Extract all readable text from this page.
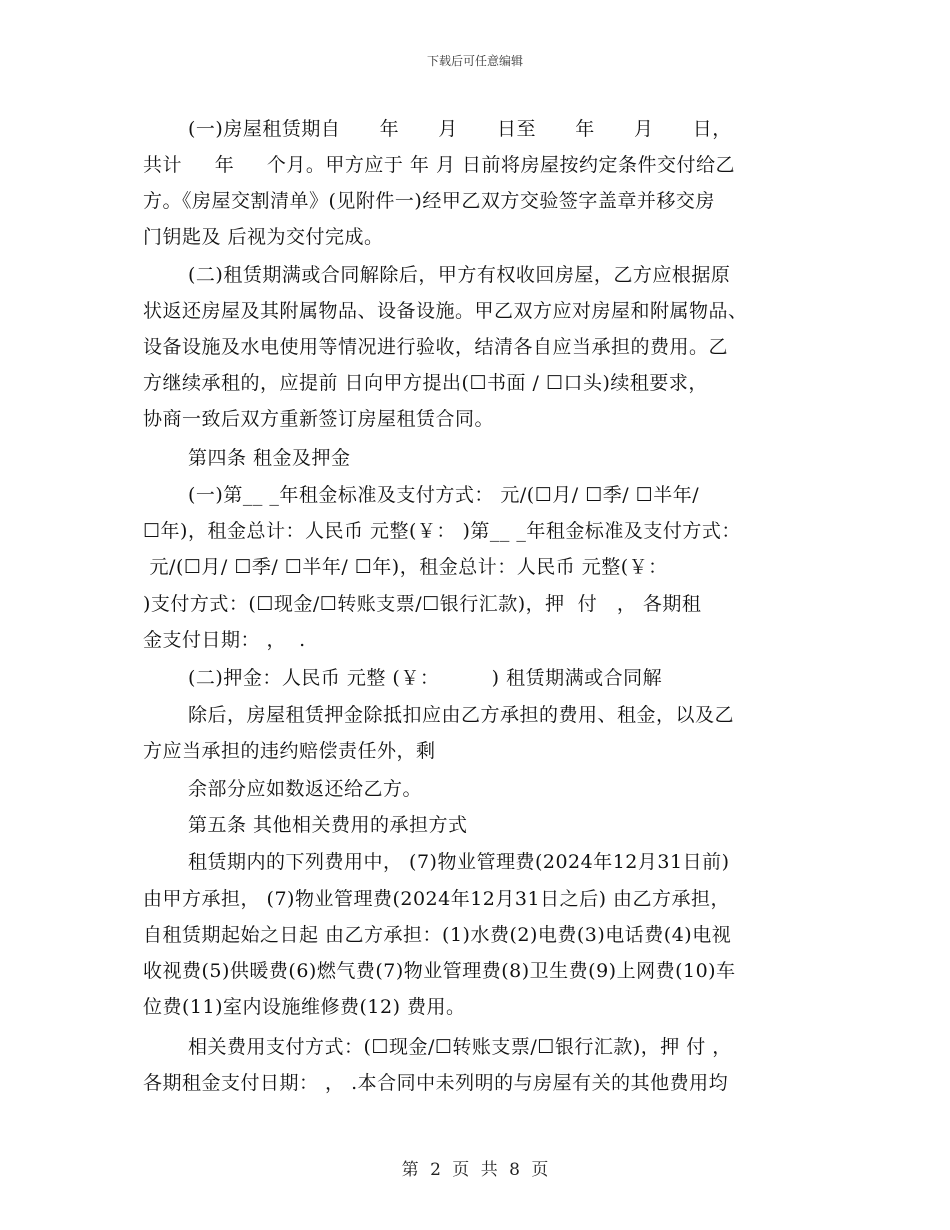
下载后可任意编辑
(一)房屋租赁期自      年      月      日至      年      月      日，
共计     年     个月。甲方应于 年 月 日前将房屋按约定条件交付给乙
方。《房屋交割清单》(见附件一)经甲乙双方交验签字盖章并移交房
门钥匙及 后视为交付完成。
(二)租赁期满或合同解除后，甲方有权收回房屋，乙方应根据原
状返还房屋及其附属物品、设备设施。甲乙双方应对房屋和附属物品、
设备设施及水电使用等情况进行验收，结清各自应当承担的费用。乙
方继续承租的，应提前 日向甲方提出(☐书面 / ☐口头)续租要求，
协商一致后双方重新签订房屋租赁合同。
第四条 租金及押金
(一)第__ _年租金标准及支付方式： 元/(☐月/ ☐季/ ☐半年/
☐年)，租金总计：人民币 元整(￥： )第__ _年租金标准及支付方式：
元/(☐月/ ☐季/ ☐半年/ ☐年)，租金总计：人民币 元整(￥：
)支付方式：(☐现金/☐转账支票/☐银行汇款)，押  付   ， 各期租
金支付日期： ，  .
(二)押金：人民币 元整 (￥：        ) 租赁期满或合同解
除后，房屋租赁押金除抵扣应由乙方承担的费用、租金，以及乙
方应当承担的违约赔偿责任外，剩
余部分应如数返还给乙方。
第五条 其他相关费用的承担方式
租赁期内的下列费用中， (7)物业管理费(2024年12月31日前)
由甲方承担， (7)物业管理费(2024年12月31日之后) 由乙方承担，
自租赁期起始之日起 由乙方承担：(1)水费(2)电费(3)电话费(4)电视
收视费(5)供暖费(6)燃气费(7)物业管理费(8)卫生费(9)上网费(10)车
位费(11)室内设施维修费(12) 费用。
相关费用支付方式：(☐现金/☐转账支票/☐银行汇款)，押 付 ，
各期租金支付日期： ， .本合同中未列明的与房屋有关的其他费用均
第 2 页 共 8 页
